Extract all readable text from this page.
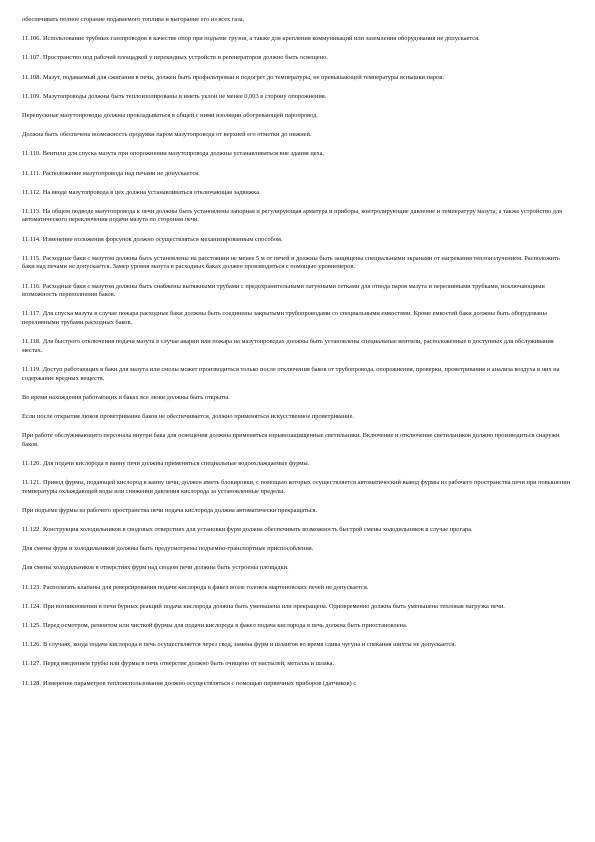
обеспечивать полное сгорание подаваемого топлива и выгорание его из всех газа.

11.106. Использование трубных газопроводов в качестве опор при подъеме грузов, а также для крепления коммуникаций или заземления оборудования не допускается.

11.107. Пространство под рабочей площадкой у перекидных устройств и регенераторов должно быть освещено.

11.108. Мазут, подаваемый для сжигания в печи, должен быть профильтрован и подогрет до температуры, не превышающей температуры вспышки паров.

11.109. Мазутопроводы должны быть теплоизолированы и иметь уклон не менее 0,003 в сторону опорожнения.

Перепускные мазутопроводы должны прокладываться в общей с ними изоляции обогревающей паропровод.

Должна быть обеспечена возможность продувки паром мазутопровода от верхней его отметки до нижней.

11.110. Вентили для спуска мазута при опорожнении мазутопровода должны устанавливаться вне здания цеха.

11.111. Расположение мазутопровода над печами не допускается.

11.112. На вводе мазутопровода в цех должна устанавливаться отключающая задвижка.

11.113. На общем подводе мазутопровода к печи должны быть установлены запорная и регулирующая арматура и приборы, контролирующие давление и температуру мазута, а также устройство для автоматического переключения подачи мазута по сторонам печи.

11.114. Изменение положения форсунок должно осуществляться механизированным способом.

11.115. Расходные баки с мазутом должны быть установлены на расстоянии не менее 5 м от печей и должны быть защищены специальными экранами от нагревания теплоизлучением. Расположить баки над печами не допускается. Замер уровня мазута в расходных баках должен производиться с помощью уровнемеров.

11.116. Расходные баки с мазутом должны быть снабжены вытяжными трубами с предохранительными латунными сетками для отвода паров мазута и переливными трубками, исключающими возможность переполнения баков.

11.117. Для спуска мазута в случае пожара расходные баки должны быть соединены закрытыми трубопроводами со специальными емкостями. Кроме емкостей баки должны быть оборудованы переливными трубами расходных баков.

11.118. Для быстрого отключения подачи мазута в случае аварии или пожара на мазутопроводах должны быть установлены специальные вентили, расположенные в доступных для обслуживания местах.

11.119. Доступ работающих в баки для мазута или смолы может производиться только после отключения баков от трубопровода, опорожнения, проверки, проветривания и анализа воздуха в них на содержание вредных веществ.

Во время нахождения работающих в баках все люки должны быть открыты.

Если после открытия люков проветривание баков не обеспечивается, должно применяться искусственное проветривание.

При работе обслуживающего персонала внутри бака для освещения должны применяться взрывозащищенные светильники. Включение и отключение светильников должно производиться снаружи баков.

11.120. Для подачи кислорода в ванну печи должны применяться специальные водоохлаждаемые фурмы.

11.121. Привод фурмы, подающей кислород в ванну печи, должен иметь блокировки, с помощью которых осуществляется автоматический вывод фурмы из рабочего пространства печи при повышении температуры охлаждающей воды или снижении давления кислорода за установленные пределы.

При подъеме фурмы из рабочего пространства печи подача кислорода должна автоматически прекращаться.

11.122. Конструкция холодильников в сводовых отверстиях для установки фурм должна обеспечивать возможность быстрой смены холодильников в случае прогара.

Для смены фурм и холодильников должны быть предусмотрены подъемно-транспортные приспособления.

Для смены холодильников в отверстиях фурм над сводом печи должны быть устроены площадки.

11.123. Располагать клапаны для реверсирования подачи кислорода в факел возле головок мартеновских печей не допускается.

11.124. При возникновении в печи бурных реакций подача кислорода должна быть уменьшена или прекращена. Одновременно должна быть уменьшена тепловая нагрузка печи.

11.125. Перед осмотром, ремонтом или чисткой фурмы для подачи кислорода в факел подача кислорода в печь должна быть приостановлена.

11.126. В случаях, когда подача кислорода в печь осуществляется через свод, замена фурм и шлангов во время слива чугуна и спекания шихты не допускается.

11.127. Перед введением трубы или фурмы в печь отверстие должно быть очищено от настылей, металла и шлака.

11.128. Измерение параметров теплоиспользования должно осуществляться с помощью первичных приборов (датчиков) с
